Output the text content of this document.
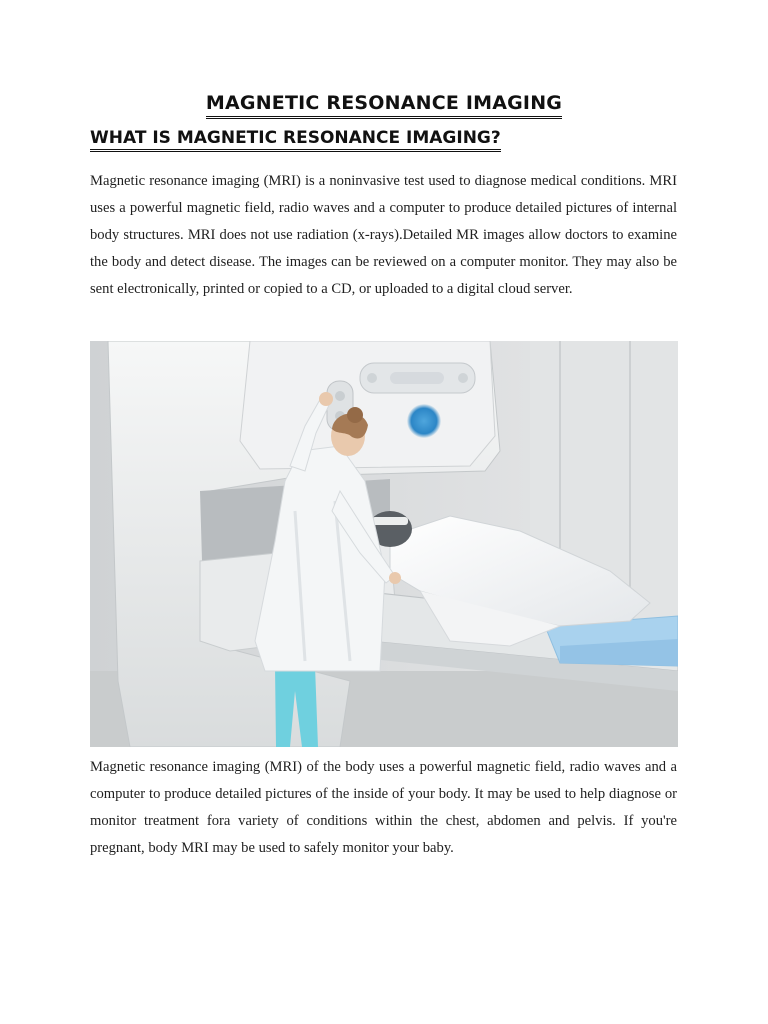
MAGNETIC RESONANCE IMAGING
WHAT IS MAGNETIC RESONANCE IMAGING?

Magnetic resonance imaging (MRI) is a noninvasive test used to diagnose medical conditions. MRI uses a powerful magnetic field, radio waves and a computer to produce detailed pictures of internal body structures. MRI does not use radiation (x-rays).Detailed MR images allow doctors to examine the body and detect disease. The images can be reviewed on a computer monitor. They may also be sent electronically, printed or copied to a CD, or uploaded to a digital cloud server.

Magnetic resonance imaging (MRI) of the body uses a powerful magnetic field, radio waves and a computer to produce detailed pictures of the inside of your body. It may be used to help diagnose or monitor treatment fora variety of conditions within the chest, abdomen and pelvis. If you're pregnant, body MRI may be used to safely monitor your baby.
